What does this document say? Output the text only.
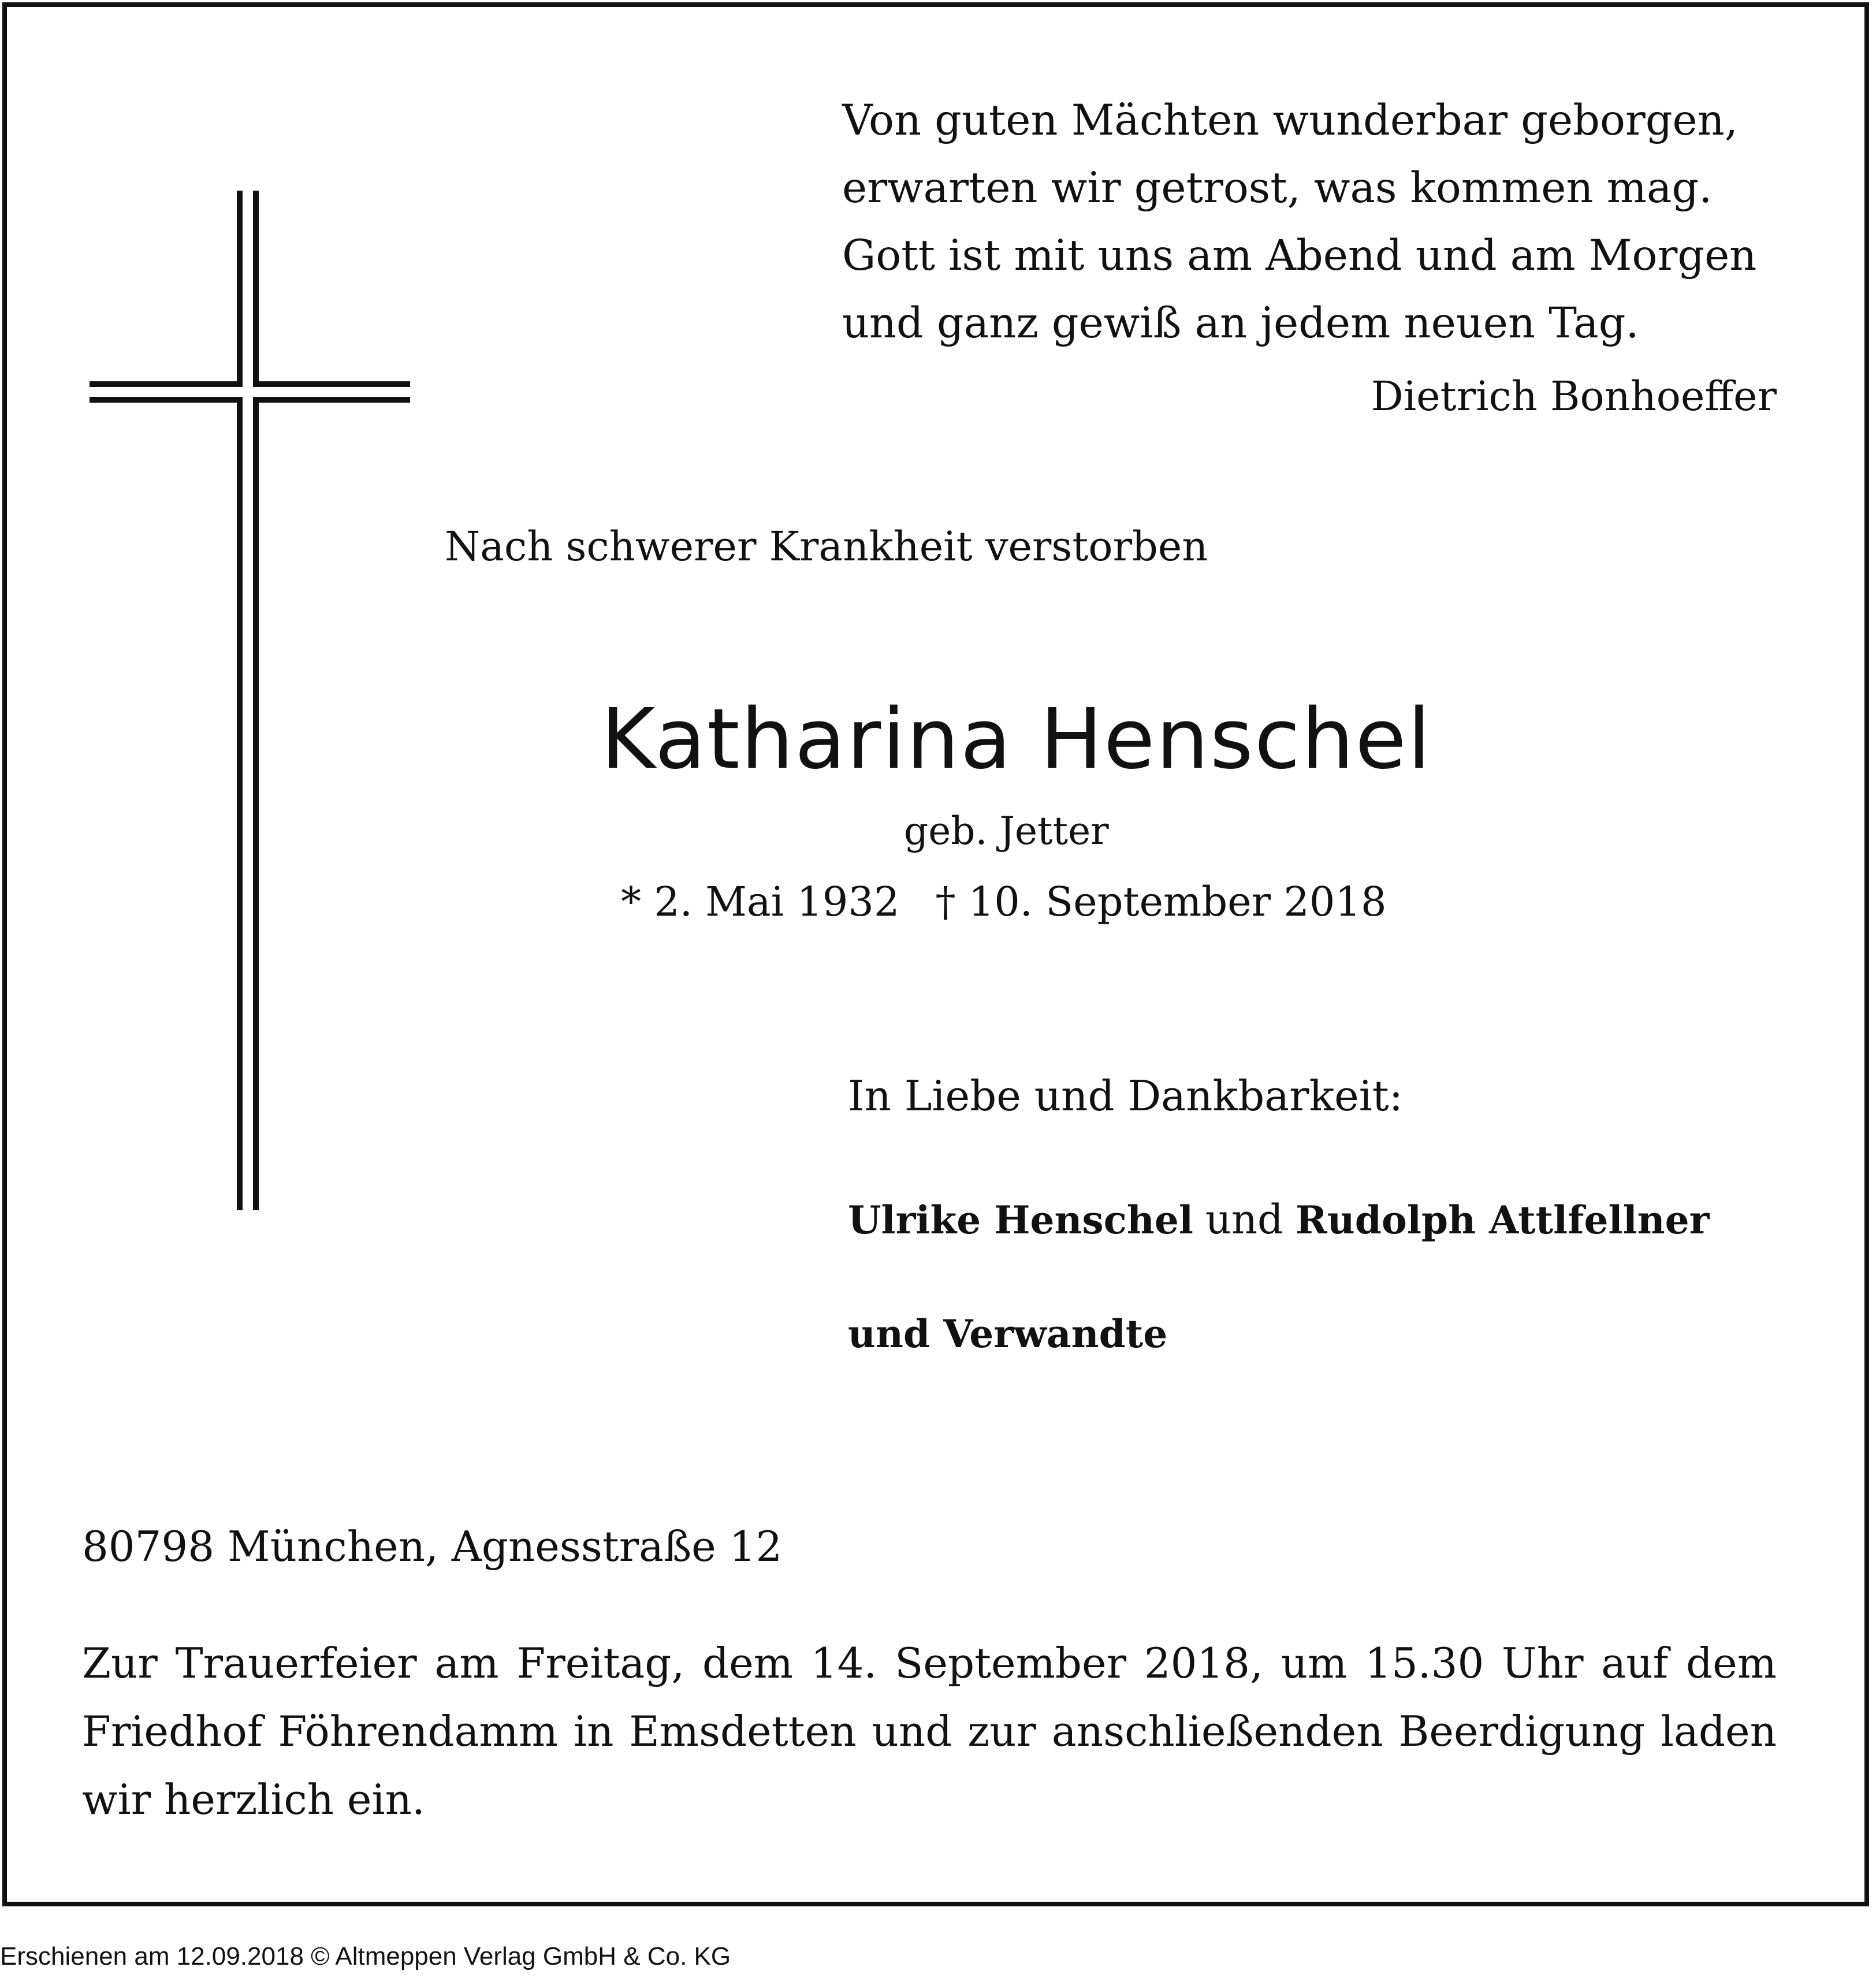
Von guten Mächten wunderbar geborgen,
erwarten wir getrost, was kommen mag.
Gott ist mit uns am Abend und am Morgen
und ganz gewiß an jedem neuen Tag.
Dietrich Bonhoeffer
Nach schwerer Krankheit verstorben
Katharina Henschel
geb. Jetter
* 2. Mai 1932 † 10. September 2018
In Liebe und Dankbarkeit:
Ulrike Henschel und Rudolph Attlfellner
und Verwandte
80798 München, Agnesstraße 12
Zur Trauerfeier am Freitag, dem 14. September 2018, um 15.30 Uhr auf dem
Friedhof Föhrendamm in Emsdetten und zur anschließenden Beerdigung laden
wir herzlich ein.
Erschienen am 12.09.2018 © Altmeppen Verlag GmbH & Co. KG
